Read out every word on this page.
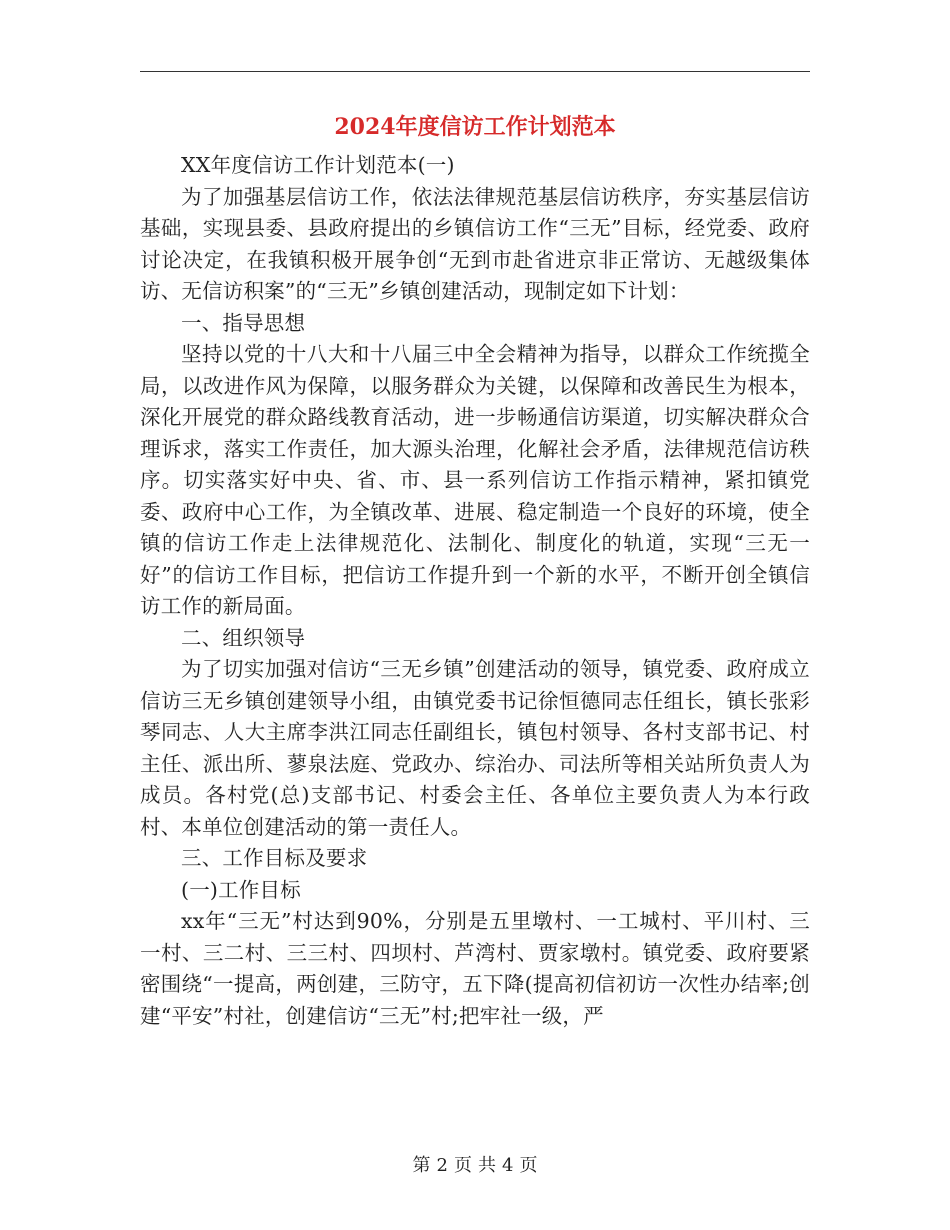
2024年度信访工作计划范本

XX年度信访工作计划范本(一)

为了加强基层信访工作，依法法律规范基层信访秩序，夯实基层信访基础，实现县委、县政府提出的乡镇信访工作“三无”目标，经党委、政府讨论决定，在我镇积极开展争创“无到市赴省进京非正常访、无越级集体访、无信访积案”的“三无”乡镇创建活动，现制定如下计划：

一、指导思想

坚持以党的十八大和十八届三中全会精神为指导，以群众工作统揽全局，以改进作风为保障，以服务群众为关键，以保障和改善民生为根本，深化开展党的群众路线教育活动，进一步畅通信访渠道，切实解决群众合理诉求，落实工作责任，加大源头治理，化解社会矛盾，法律规范信访秩序。切实落实好中央、省、市、县一系列信访工作指示精神，紧扣镇党委、政府中心工作，为全镇改革、进展、稳定制造一个良好的环境，使全镇的信访工作走上法律规范化、法制化、制度化的轨道，实现“三无一好”的信访工作目标，把信访工作提升到一个新的水平，不断开创全镇信访工作的新局面。

二、组织领导

为了切实加强对信访“三无乡镇”创建活动的领导，镇党委、政府成立信访三无乡镇创建领导小组，由镇党委书记徐恒德同志任组长，镇长张彩琴同志、人大主席李洪江同志任副组长，镇包村领导、各村支部书记、村主任、派出所、蓼泉法庭、党政办、综治办、司法所等相关站所负责人为成员。各村党(总)支部书记、村委会主任、各单位主要负责人为本行政村、本单位创建活动的第一责任人。

三、工作目标及要求

(一)工作目标

xx年“三无”村达到90%，分别是五里墩村、一工城村、平川村、三一村、三二村、三三村、四坝村、芦湾村、贾家墩村。镇党委、政府要紧密围绕“一提高，两创建，三防守，五下降(提高初信初访一次性办结率;创建“平安”村社，创建信访“三无”村;把牢社一级，严

第 2 页 共 4 页
